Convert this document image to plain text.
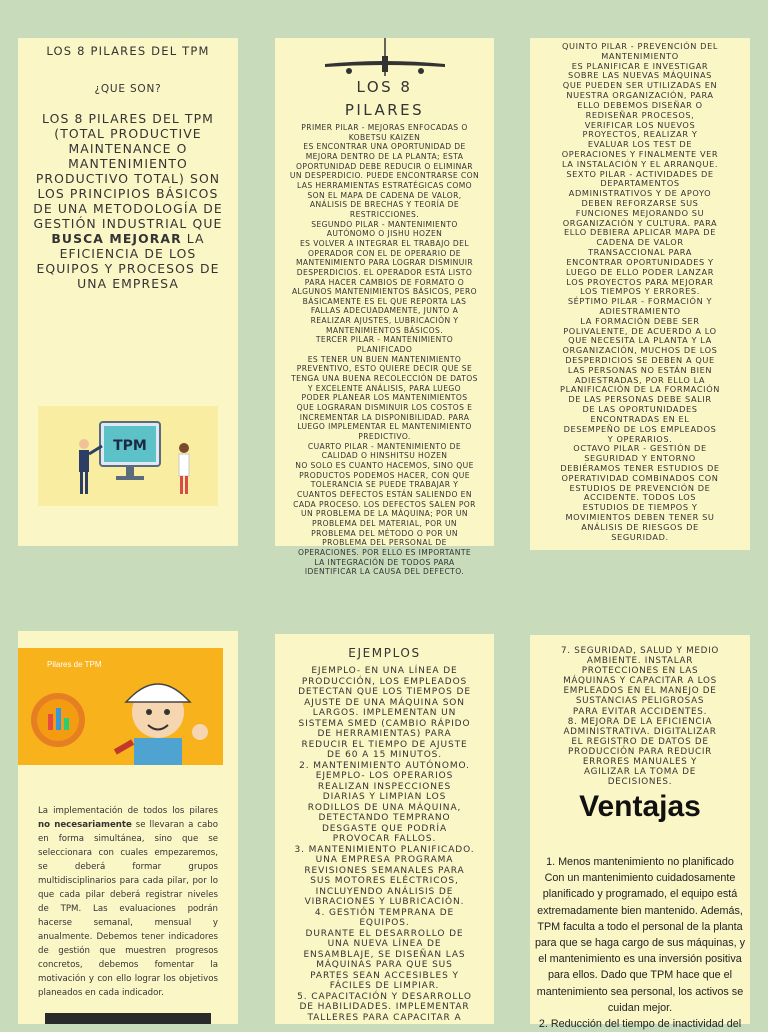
LOS 8 PILARES DEL TPM

¿QUE SON?

LOS 8 PILARES DEL TPM (TOTAL PRODUCTIVE MAINTENANCE O MANTENIMIENTO PRODUCTIVO TOTAL) SON LOS PRINCIPIOS BÁSICOS DE UNA METODOLOGÍA DE GESTIÓN INDUSTRIAL QUE BUSCA MEJORAR LA EFICIENCIA DE LOS EQUIPOS Y PROCESOS DE UNA EMPRESA

TPM

LOS 8
PILARES

PRIMER PILAR - MEJORAS ENFOCADAS O
KOBETSU KAIZEN
ES ENCONTRAR UNA OPORTUNIDAD DE
MEJORA DENTRO DE LA PLANTA; ESTA
OPORTUNIDAD DEBE REDUCIR O ELIMINAR
UN DESPERDICIO. PUEDE ENCONTRARSE CON
LAS HERRAMIENTAS ESTRATÉGICAS COMO
SON EL MAPA DE CADENA DE VALOR,
ANÁLISIS DE BRECHAS Y TEORÍA DE
RESTRICCIONES.
SEGUNDO PILAR - MANTENIMIENTO
AUTÓNOMO O JISHU HOZEN
ES VOLVER A INTEGRAR EL TRABAJO DEL
OPERADOR CON EL DE OPERARIO DE
MANTENIMIENTO PARA LOGRAR DISMINUIR
DESPERDICIOS. EL OPERADOR ESTÁ LISTO
PARA HACER CAMBIOS DE FORMATO O
ALGUNOS MANTENIMIENTOS BÁSICOS, PERO
BÁSICAMENTE ES EL QUE REPORTA LAS
FALLAS ADECUADAMENTE, JUNTO A
REALIZAR AJUSTES, LUBRICACIÓN Y
MANTENIMIENTOS BÁSICOS.
TERCER PILAR - MANTENIMIENTO
PLANIFICADO
ES TENER UN BUEN MANTENIMIENTO
PREVENTIVO, ESTO QUIERE DECIR QUE SE
TENGA UNA BUENA RECOLECCIÓN DE DATOS
Y EXCELENTE ANÁLISIS, PARA LUEGO
PODER PLANEAR LOS MANTENIMIENTOS
QUE LOGRARAN DISMINUIR LOS COSTOS E
INCREMENTAR LA DISPONIBILIDAD. PARA
LUEGO IMPLEMENTAR EL MANTENIMIENTO
PREDICTIVO.
CUARTO PILAR - MANTENIMIENTO DE
CALIDAD O HINSHITSU HOZEN
NO SOLO ES CUANTO HACEMOS, SINO QUE
PRODUCTOS PODEMOS HACER, CON QUE
TOLERANCIA SE PUEDE TRABAJAR Y
CUANTOS DEFECTOS ESTÁN SALIENDO EN
CADA PROCESO. LOS DEFECTOS SALEN POR
UN PROBLEMA DE LA MÁQUINA; POR UN
PROBLEMA DEL MATERIAL, POR UN
PROBLEMA DEL MÉTODO O POR UN
PROBLEMA DEL PERSONAL DE
OPERACIONES. POR ELLO ES IMPORTANTE
LA INTEGRACIÓN DE TODOS PARA
IDENTIFICAR LA CAUSA DEL DEFECTO.

QUINTO PILAR - PREVENCIÓN DEL
MANTENIMIENTO
ES PLANIFICAR E INVESTIGAR
SOBRE LAS NUEVAS MÁQUINAS
QUE PUEDEN SER UTILIZADAS EN
NUESTRA ORGANIZACIÓN, PARA
ELLO DEBEMOS DISEÑAR O
REDISEÑAR PROCESOS,
VERIFICAR LOS NUEVOS
PROYECTOS, REALIZAR Y
EVALUAR LOS TEST DE
OPERACIONES Y FINALMENTE VER
LA INSTALACIÓN Y EL ARRANQUE.
SEXTO PILAR - ACTIVIDADES DE
DEPARTAMENTOS
ADMINISTRATIVOS Y DE APOYO
DEBEN REFORZARSE SUS
FUNCIONES MEJORANDO SU
ORGANIZACIÓN Y CULTURA. PARA
ELLO DEBIERA APLICAR MAPA DE
CADENA DE VALOR
TRANSACCIONAL PARA
ENCONTRAR OPORTUNIDADES Y
LUEGO DE ELLO PODER LANZAR
LOS PROYECTOS PARA MEJORAR
LOS TIEMPOS Y ERRORES.
SÉPTIMO PILAR - FORMACIÓN Y
ADIESTRAMIENTO
LA FORMACIÓN DEBE SER
POLIVALENTE, DE ACUERDO A LO
QUE NECESITA LA PLANTA Y LA
ORGANIZACIÓN, MUCHOS DE LOS
DESPERDICIOS SE DEBEN A QUE
LAS PERSONAS NO ESTÁN BIEN
ADIESTRADAS, POR ELLO LA
PLANIFICACIÓN DE LA FORMACIÓN
DE LAS PERSONAS DEBE SALIR
DE LAS OPORTUNIDADES
ENCONTRADAS EN EL
DESEMPEÑO DE LOS EMPLEADOS
Y OPERARIOS.
OCTAVO PILAR - GESTIÓN DE
SEGURIDAD Y ENTORNO
DEBIÉRAMOS TENER ESTUDIOS DE
OPERATIVIDAD COMBINADOS CON
ESTUDIOS DE PREVENCIÓN DE
ACCIDENTE. TODOS LOS
ESTUDIOS DE TIEMPOS Y
MOVIMIENTOS DEBEN TENER SU
ANÁLISIS DE RIESGOS DE
SEGURIDAD.

Pilares de TPM

La implementación de todos los pilares no necesariamente se llevaran a cabo en forma simultánea, sino que se seleccionara con cuales empezaremos, se deberá formar grupos multidisciplinarios para cada pilar, por lo que cada pilar deberá registrar niveles de TPM. Las evaluaciones podrán hacerse semanal, mensual y anualmente. Debemos tener indicadores de gestión que muestren progresos concretos, debemos fomentar la motivación y con ello lograr los objetivos planeados en cada indicador.

EJEMPLOS

EJEMPLO- EN UNA LÍNEA DE
PRODUCCIÓN, LOS EMPLEADOS
DETECTAN QUE LOS TIEMPOS DE
AJUSTE DE UNA MÁQUINA SON
LARGOS. IMPLEMENTAN UN
SISTEMA SMED (CAMBIO RÁPIDO
DE HERRAMIENTAS) PARA
REDUCIR EL TIEMPO DE AJUSTE
DE 60 A 15 MINUTOS.
2. MANTENIMIENTO AUTÓNOMO.
EJEMPLO- LOS OPERARIOS
REALIZAN INSPECCIONES
DIARIAS Y LIMPIAN LOS
RODILLOS DE UNA MÁQUINA,
DETECTANDO TEMPRANO
DESGASTE QUE PODRÍA
PROVOCAR FALLOS.
3. MANTENIMIENTO PLANIFICADO.
UNA EMPRESA PROGRAMA
REVISIONES SEMANALES PARA
SUS MOTORES ELÉCTRICOS,
INCLUYENDO ANÁLISIS DE
VIBRACIONES Y LUBRICACIÓN.
4. GESTIÓN TEMPRANA DE
EQUIPOS.
DURANTE EL DESARROLLO DE
UNA NUEVA LÍNEA DE
ENSAMBLAJE, SE DISEÑAN LAS
MÁQUINAS PARA QUE SUS
PARTES SEAN ACCESIBLES Y
FÁCILES DE LIMPIAR.
5. CAPACITACIÓN Y DESARROLLO
DE HABILIDADES. IMPLEMENTAR
TALLERES PARA CAPACITAR A

7. SEGURIDAD, SALUD Y MEDIO
AMBIENTE. INSTALAR
PROTECCIONES EN LAS
MÁQUINAS Y CAPACITAR A LOS
EMPLEADOS EN EL MANEJO DE
SUSTANCIAS PELIGROSAS
PARA EVITAR ACCIDENTES.
8. MEJORA DE LA EFICIENCIA
ADMINISTRATIVA. DIGITALIZAR
EL REGISTRO DE DATOS DE
PRODUCCIÓN PARA REDUCIR
ERRORES MANUALES Y
AGILIZAR LA TOMA DE
DECISIONES.

Ventajas

1. Menos mantenimiento no planificado
Con un mantenimiento cuidadosamente
planificado y programado, el equipo está
extremadamente bien mantenido. Además,
TPM faculta a todo el personal de la planta
para que se haga cargo de sus máquinas, y
el mantenimiento es una inversión positiva
para ellos. Dado que TPM hace que el
mantenimiento sea personal, los activos se
cuidan mejor.
2. Reducción del tiempo de inactividad del
